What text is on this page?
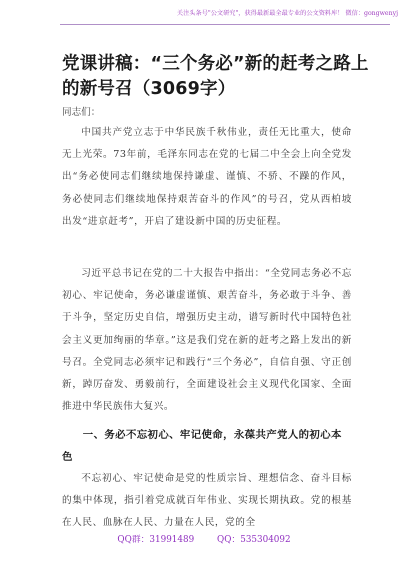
关注头条号"公文研究"，获得最新最全最专业的公文资料库！ 微信：gongwenyj
党课讲稿：“三个务必”新的赶考之路上的新号召（3069字）
同志们：
中国共产党立志于中华民族千秋伟业，责任无比重大，使命无上光荣。73年前，毛泽东同志在党的七届二中全会上向全党发出“务必使同志们继续地保持谦虚、谨慎、不骄、不躁的作风，务必使同志们继续地保持艰苦奋斗的作风”的号召，党从西柏坡出发“进京赶考”，开启了建设新中国的历史征程。
习近平总书记在党的二十大报告中指出：“全党同志务必不忘初心、牢记使命，务必谦虚谨慎、艰苦奋斗，务必敢于斗争、善于斗争，坚定历史自信，增强历史主动，谱写新时代中国特色社会主义更加绚丽的华章。”这是我们党在新的赶考之路上发出的新号召。全党同志必须牢记和践行“三个务必”，自信自强、守正创新，踔厉奋发、勇毅前行，全面建设社会主义现代化国家、全面推进中华民族伟大复兴。
一、务必不忘初心、牢记使命，永葆共产党人的初心本色
不忘初心、牢记使命是党的性质宗旨、理想信念、奋斗目标的集中体现，指引着党成就百年伟业、实现长期执政。党的根基在人民、血脉在人民、力量在人民，党的全
QQ群：31991489	QQ：535304092
